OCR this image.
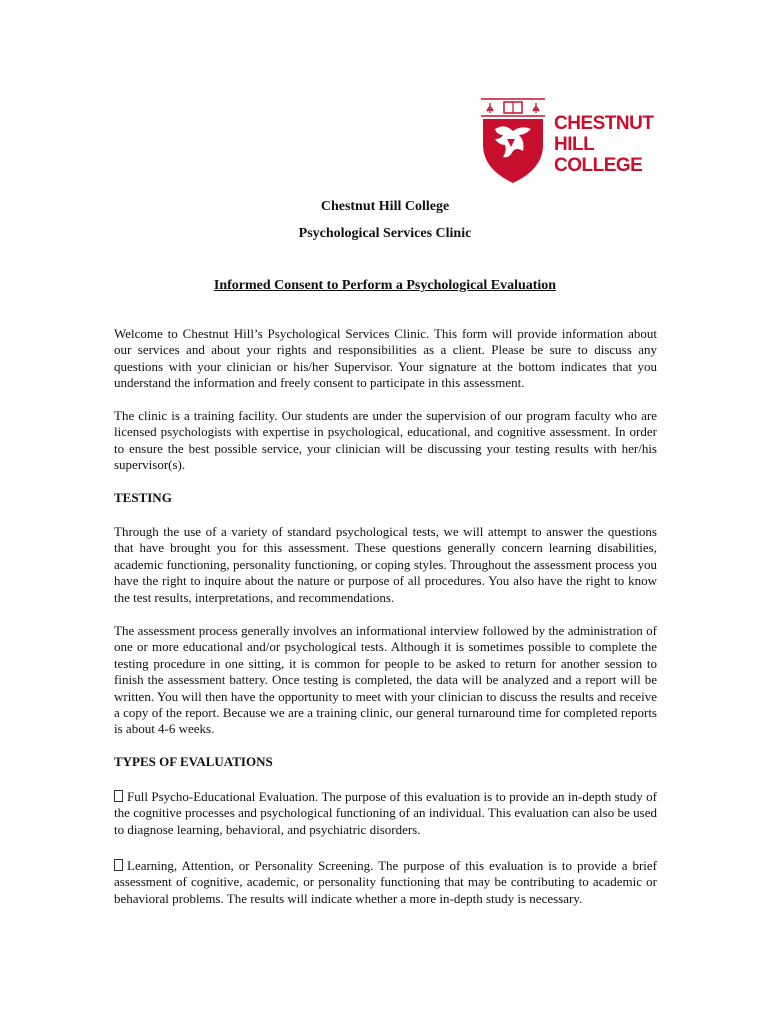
CHESTNUT
HILL
COLLEGE
Chestnut Hill College
Psychological Services Clinic
Informed Consent to Perform a Psychological Evaluation

Welcome to Chestnut Hill’s Psychological Services Clinic. This form will provide information about our services and about your rights and responsibilities as a client. Please be sure to discuss any questions with your clinician or his/her Supervisor. Your signature at the bottom indicates that you understand the information and freely consent to participate in this assessment.

The clinic is a training facility. Our students are under the supervision of our program faculty who are licensed psychologists with expertise in psychological, educational, and cognitive assessment. In order to ensure the best possible service, your clinician will be discussing your testing results with her/his supervisor(s).

TESTING

Through the use of a variety of standard psychological tests, we will attempt to answer the questions that have brought you for this assessment. These questions generally concern learning disabilities, academic functioning, personality functioning, or coping styles. Throughout the assessment process you have the right to inquire about the nature or purpose of all procedures. You also have the right to know the test results, interpretations, and recommendations.

The assessment process generally involves an informational interview followed by the administration of one or more educational and/or psychological tests. Although it is sometimes possible to complete the testing procedure in one sitting, it is common for people to be asked to return for another session to finish the assessment battery. Once testing is completed, the data will be analyzed and a report will be written. You will then have the opportunity to meet with your clinician to discuss the results and receive a copy of the report. Because we are a training clinic, our general turnaround time for completed reports is about 4-6 weeks.

TYPES OF EVALUATIONS

Full Psycho-Educational Evaluation. The purpose of this evaluation is to provide an in-depth study of the cognitive processes and psychological functioning of an individual. This evaluation can also be used to diagnose learning, behavioral, and psychiatric disorders.

Learning, Attention, or Personality Screening. The purpose of this evaluation is to provide a brief assessment of cognitive, academic, or personality functioning that may be contributing to academic or behavioral problems. The results will indicate whether a more in-depth study is necessary.
